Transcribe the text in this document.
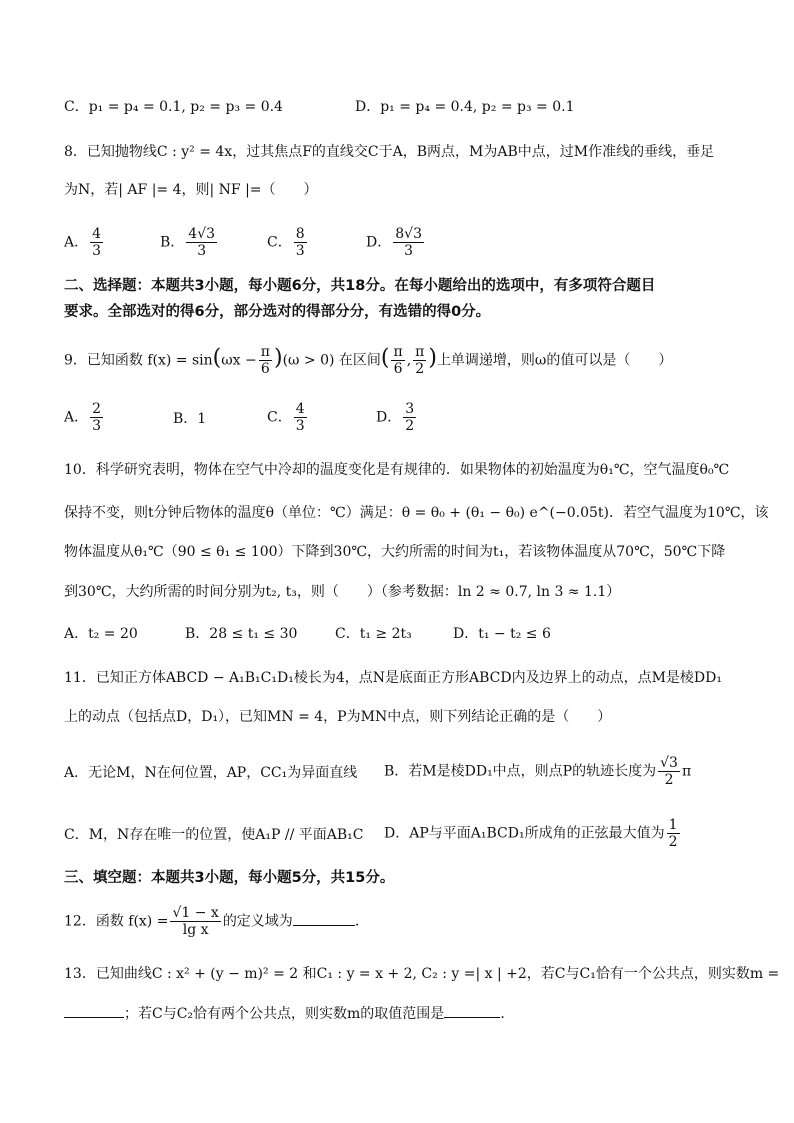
C．p₁ = p₄ = 0.1, p₂ = p₃ = 0.4	D．p₁ = p₄ = 0.4, p₂ = p₃ = 0.1
8．已知抛物线C : y² = 4x，过其焦点F的直线交C于A，B两点，M为AB中点，过M作准线的垂线，垂足
为N，若| AF |= 4，则| NF |=（　　）
A． $\frac{4}{3}$	B． $\frac{4√3}{3}$	C． $\frac{8}{3}$	D． $\frac{8√3}{3}$
二、选择题：本题共3小题，每小题6分，共18分。在每小题给出的选项中，有多项符合题目
要求。全部选对的得6分，部分选对的得部分分，有选错的得0分。
9．已知函数 $f(x) = \sin(\omega x - \frac{\pi}{6} )(\omega > 0)$ 在区间( $\frac{\pi}{6}$ , $\frac{\pi}{2}$ )上单调递增，则ω的值可以是（　　）
A． $\frac{2}{3}$	B．1	C． $\frac{4}{3}$	D． $\frac{3}{2}$
10．科学研究表明，物体在空气中冷却的温度变化是有规律的．如果物体的初始温度为θ₁℃，空气温度θ₀℃
保持不变，则t分钟后物体的温度θ（单位：℃）满足：θ = θ₀ + (θ₁ − θ₀) e^(−0.05t)．若空气温度为10℃，该
物体温度从θ₁℃（90 ≤ θ₁ ≤ 100）下降到30℃，大约所需的时间为t₁，若该物体温度从70℃，50℃下降
到30℃，大约所需的时间分别为t₂, t₃，则（　　）（参考数据：ln 2 ≈ 0.7, ln 3 ≈ 1.1）
A．t₂ = 20	B．28 ≤ t₁ ≤ 30	C．t₁ ≥ 2t₃	D．t₁ − t₂ ≤ 6
11．已知正方体ABCD − A₁B₁C₁D₁棱长为4，点N是底面正方形ABCD内及边界上的动点，点M是棱DD₁
上的动点（包括点D，D₁），已知MN = 4，P为MN中点，则下列结论正确的是（　　）
A．无论M，N在何位置，AP，CC₁为异面直线 B．若M是棱DD₁中点，则点P的轨迹长度为 $\frac{√3}{2}$ π
C．M，N存在唯一的位置，使A₁P // 平面AB₁C D．AP与平面A₁BCD₁所成角的正弦最大值为 $\frac{1}{2}$
三、填空题：本题共3小题，每小题5分，共15分。
12．函数 $f(x) = \frac{√1 - x}{\text{lg x}}$ 的定义域为	．
13．已知曲线C : x² + (y − m)² = 2 和C₁ : y = x + 2, C₂ : y =| x | +2，若C与C₁恰有一个公共点，则实数m =
；若C与C₂恰有两个公共点，则实数m的取值范围是	．
